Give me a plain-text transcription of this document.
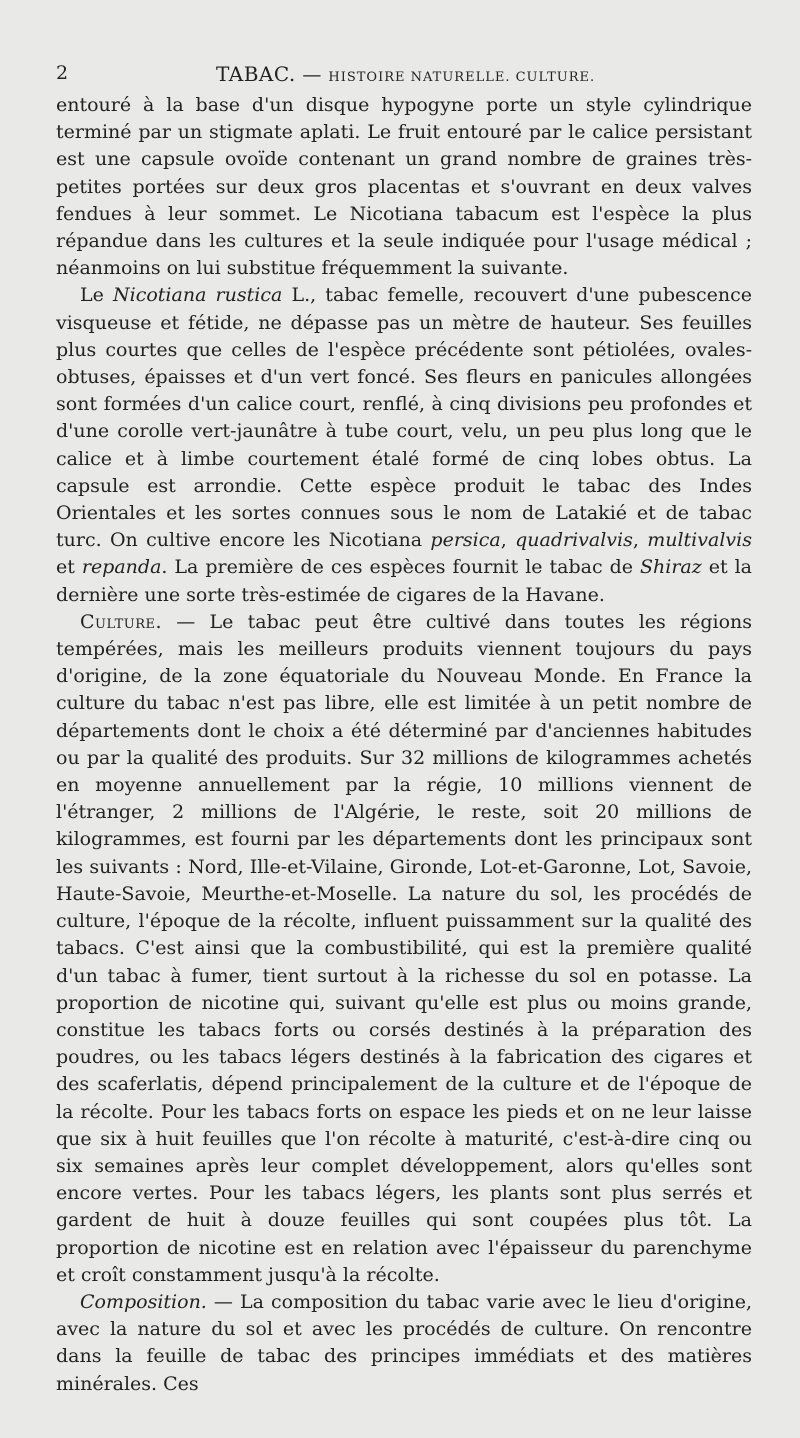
2	TABAC. — HISTOIRE NATURELLE. CULTURE.

entouré à la base d'un disque hypogyne porte un style cylindrique terminé par un stigmate aplati. Le fruit entouré par le calice persistant est une capsule ovoïde contenant un grand nombre de graines très-petites portées sur deux gros placentas et s'ouvrant en deux valves fendues à leur sommet. Le Nicotiana tabacum est l'espèce la plus répandue dans les cultures et la seule indiquée pour l'usage médical ; néanmoins on lui substitue fréquemment la suivante.

Le Nicotiana rustica L., tabac femelle, recouvert d'une pubescence visqueuse et fétide, ne dépasse pas un mètre de hauteur. Ses feuilles plus courtes que celles de l'espèce précédente sont pétiolées, ovales-obtuses, épaisses et d'un vert foncé. Ses fleurs en panicules allongées sont formées d'un calice court, renflé, à cinq divisions peu profondes et d'une corolle vert-jaunâtre à tube court, velu, un peu plus long que le calice et à limbe courtement étalé formé de cinq lobes obtus. La capsule est arrondie. Cette espèce produit le tabac des Indes Orientales et les sortes connues sous le nom de Latakié et de tabac turc. On cultive encore les Nicotiana persica, quadrivalvis, multivalvis et repanda. La première de ces espèces fournit le tabac de Shiraz et la dernière une sorte très-estimée de cigares de la Havane.

Culture. — Le tabac peut être cultivé dans toutes les régions tempérées, mais les meilleurs produits viennent toujours du pays d'origine, de la zone équatoriale du Nouveau Monde. En France la culture du tabac n'est pas libre, elle est limitée à un petit nombre de départements dont le choix a été déterminé par d'anciennes habitudes ou par la qualité des produits. Sur 32 millions de kilogrammes achetés en moyenne annuellement par la régie, 10 millions viennent de l'étranger, 2 millions de l'Algérie, le reste, soit 20 millions de kilogrammes, est fourni par les départements dont les principaux sont les suivants : Nord, Ille-et-Vilaine, Gironde, Lot-et-Garonne, Lot, Savoie, Haute-Savoie, Meurthe-et-Moselle. La nature du sol, les procédés de culture, l'époque de la récolte, influent puissamment sur la qualité des tabacs. C'est ainsi que la combustibilité, qui est la première qualité d'un tabac à fumer, tient surtout à la richesse du sol en potasse. La proportion de nicotine qui, suivant qu'elle est plus ou moins grande, constitue les tabacs forts ou corsés destinés à la préparation des poudres, ou les tabacs légers destinés à la fabrication des cigares et des scaferlatis, dépend principalement de la culture et de l'époque de la récolte. Pour les tabacs forts on espace les pieds et on ne leur laisse que six à huit feuilles que l'on récolte à maturité, c'est-à-dire cinq ou six semaines après leur complet développement, alors qu'elles sont encore vertes. Pour les tabacs légers, les plants sont plus serrés et gardent de huit à douze feuilles qui sont coupées plus tôt. La proportion de nicotine est en relation avec l'épaisseur du parenchyme et croît constamment jusqu'à la récolte.

Composition. — La composition du tabac varie avec le lieu d'origine, avec la nature du sol et avec les procédés de culture. On rencontre dans la feuille de tabac des principes immédiats et des matières minérales. Ces
